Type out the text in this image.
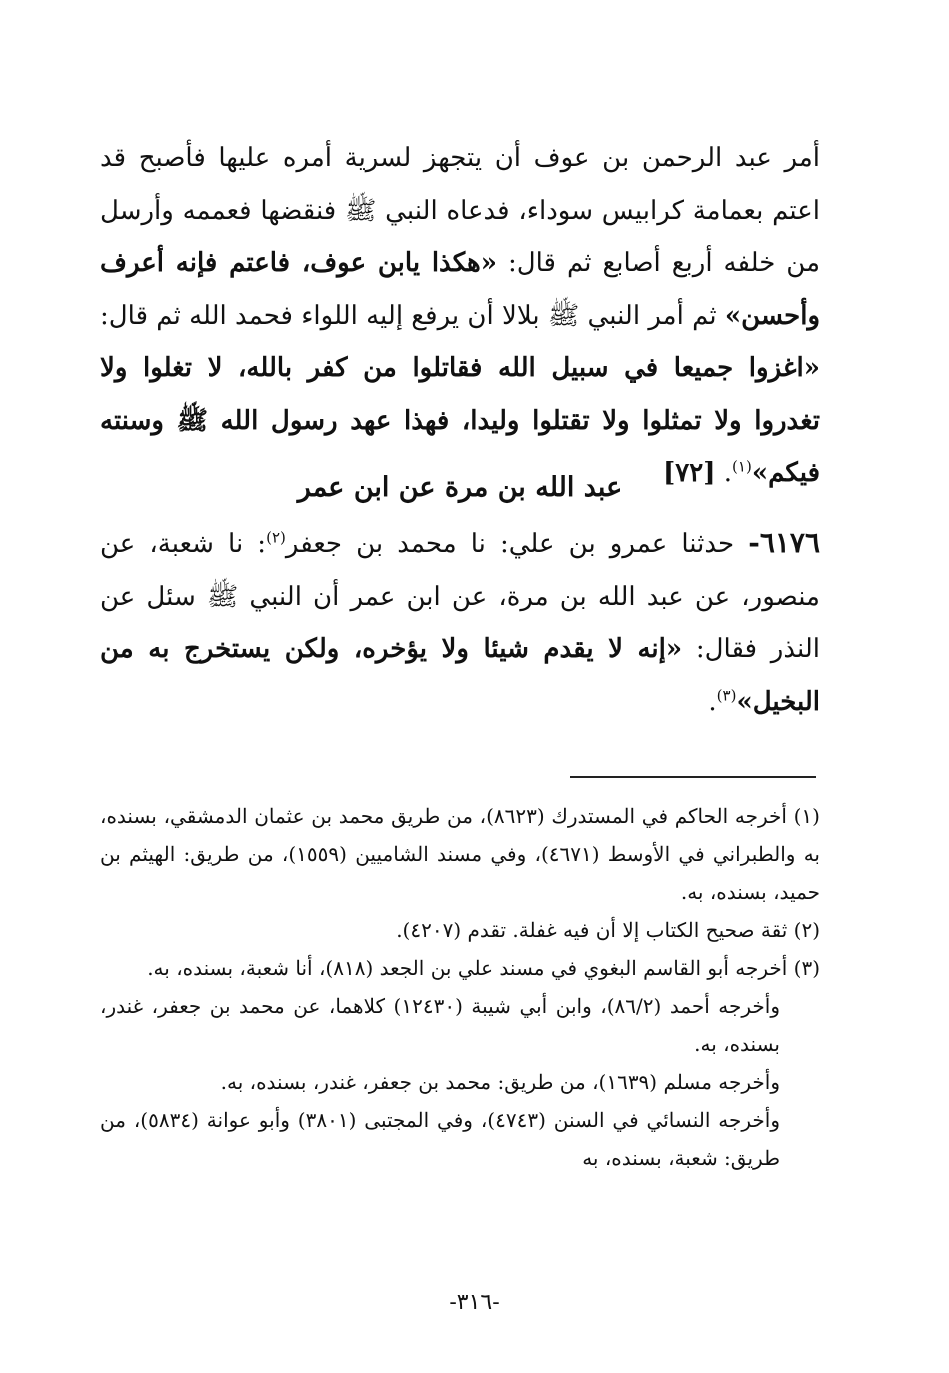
أمر عبد الرحمن بن عوف أن يتجهز لسرية أمره عليها فأصبح قد اعتم بعمامة كرابيس سوداء، فدعاه النبي ﷺ فنقضها فعممه وأرسل من خلفه أربع أصابع ثم قال: «هكذا يابن عوف، فاعتم فإنه أعرف وأحسن» ثم أمر النبي ﷺ بلالا أن يرفع إليه اللواء فحمد الله ثم قال: «اغزوا جميعا في سبيل الله فقاتلوا من كفر بالله، لا تغلوا ولا تغدروا ولا تمثلوا ولا تقتلوا وليدا، فهذا عهد رسول الله ﷺ وسنته فيكم»$^{(١)}$. [٧٢]
عبد الله بن مرة عن ابن عمر
٦١٧٦- حدثنا عمرو بن علي: نا محمد بن جعفر$^{(٢)}$: نا شعبة، عن منصور، عن عبد الله بن مرة، عن ابن عمر أن النبي ﷺ سئل عن النذر فقال: «إنه لا يقدم شيئا ولا يؤخره، ولكن يستخرج به من البخيل»$^{(٣)}$.

(١) أخرجه الحاكم في المستدرك (٨٦٢٣)، من طريق محمد بن عثمان الدمشقي، بسنده، به والطبراني في الأوسط (٤٦٧١)، وفي مسند الشاميين (١٥٥٩)، من طريق: الهيثم بن حميد، بسنده، به.

(٢) ثقة صحيح الكتاب إلا أن فيه غفلة. تقدم (٤٢٠٧).

(٣) أخرجه أبو القاسم البغوي في مسند علي بن الجعد (٨١٨)، أنا شعبة، بسنده، به.

وأخرجه أحمد (٨٦/٢)، وابن أبي شيبة (١٢٤٣٠) كلاهما، عن محمد بن جعفر، غندر، بسنده، به.

وأخرجه مسلم (١٦٣٩)، من طريق: محمد بن جعفر، غندر، بسنده، به.

وأخرجه النسائي في السنن (٤٧٤٣)، وفي المجتبى (٣٨٠١) وأبو عوانة (٥٨٣٤)، من طريق: شعبة، بسنده، به

-٣١٦-
